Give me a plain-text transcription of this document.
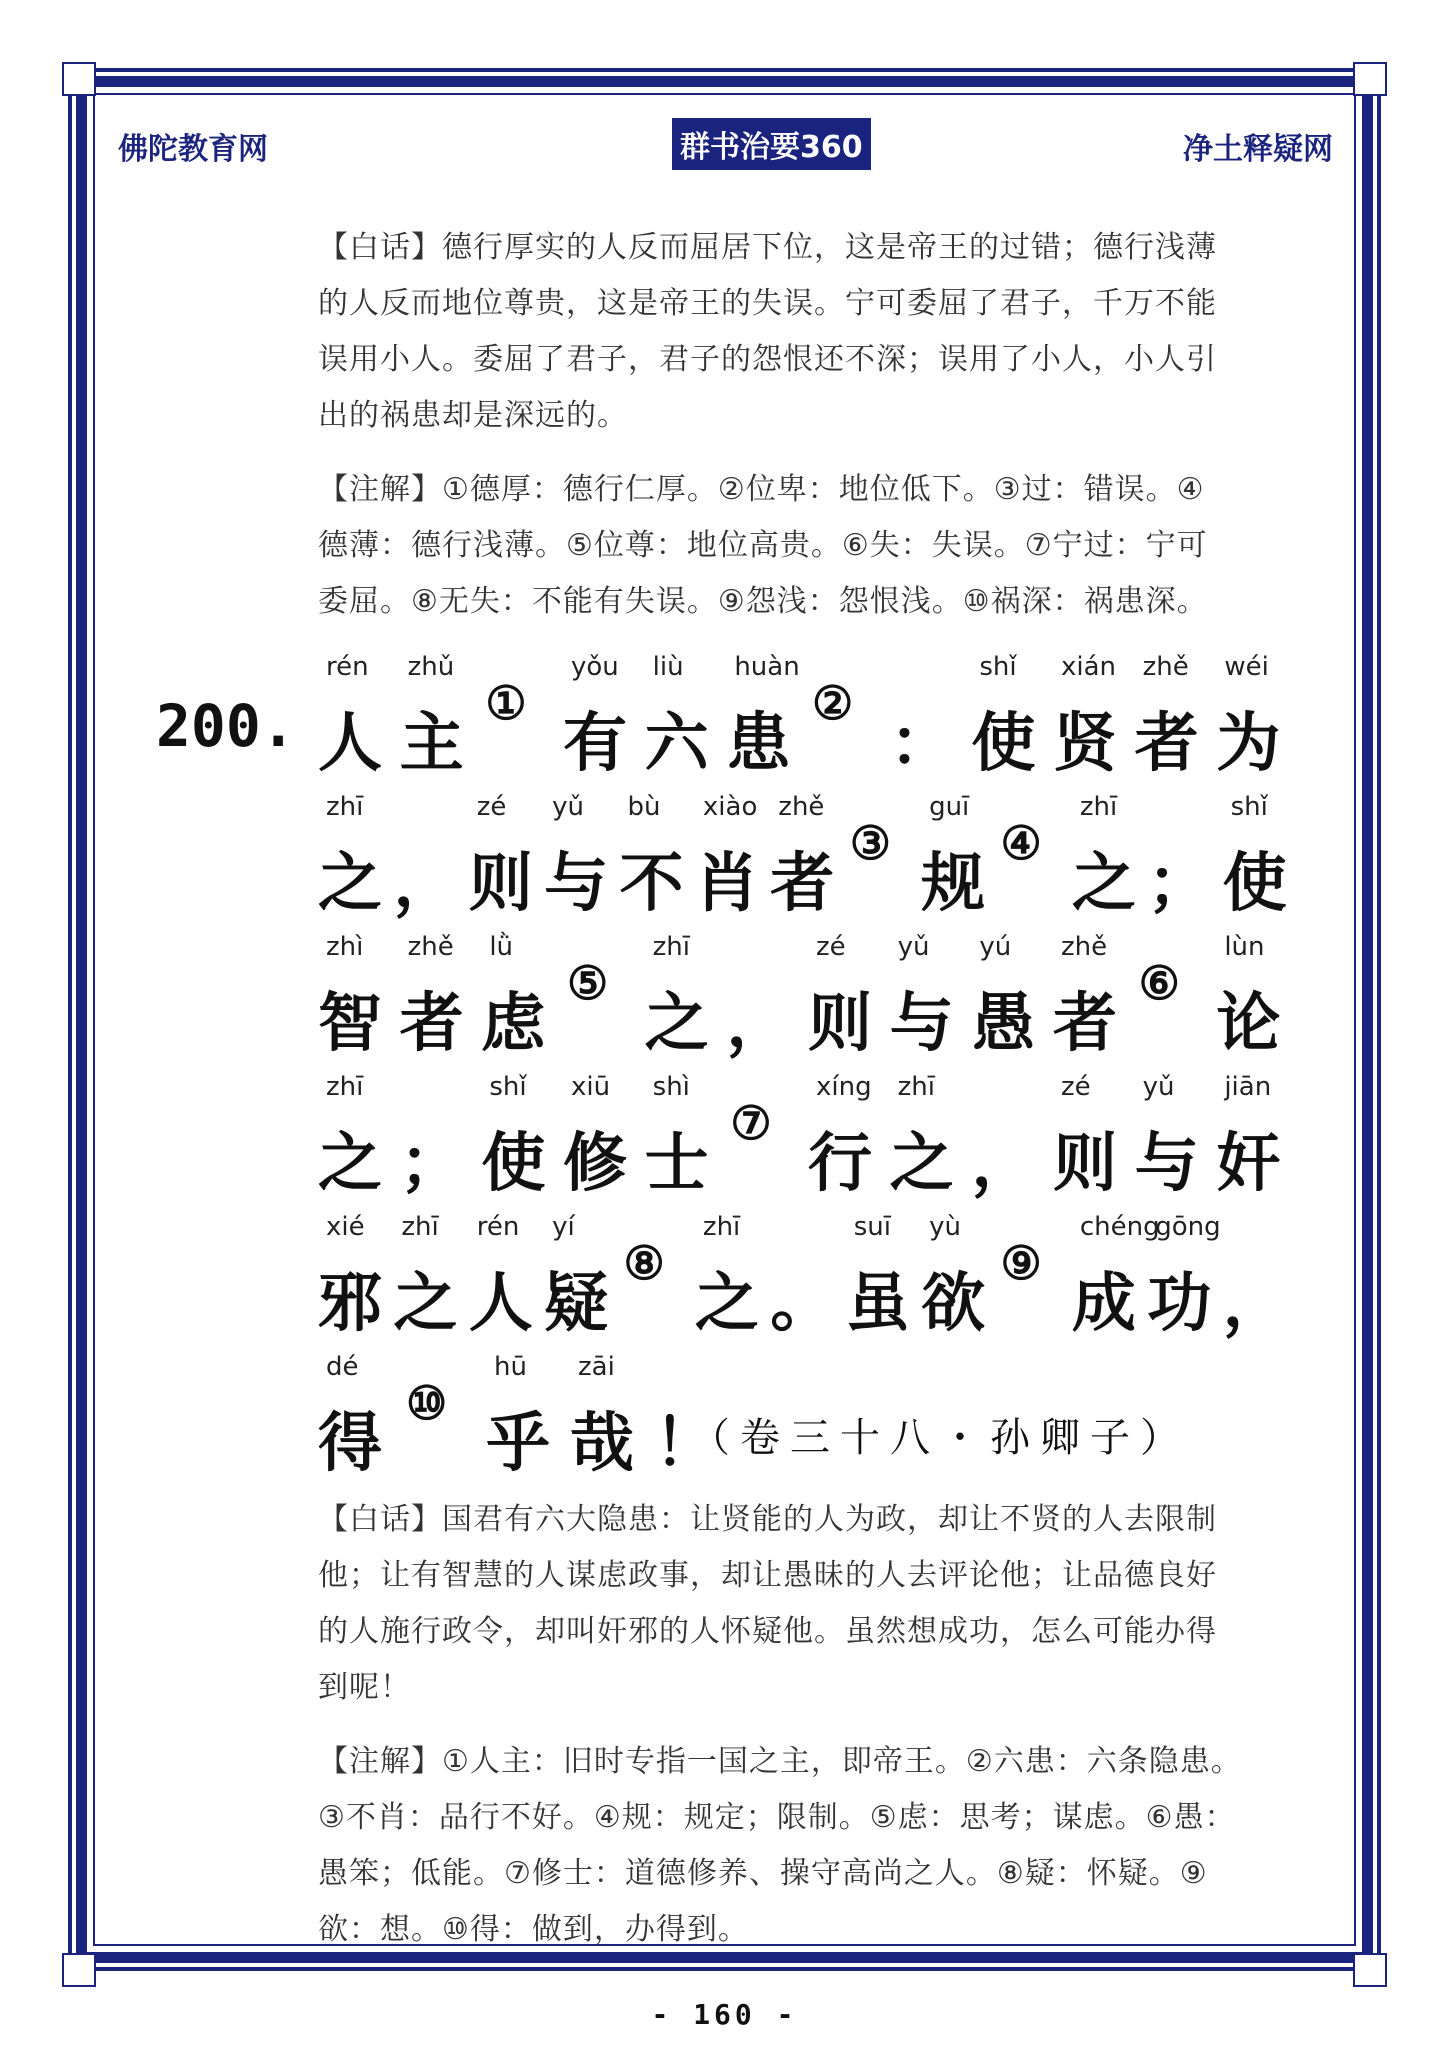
佛陀教育网	群书治要360	净土释疑网

【白话】德行厚实的人反而屈居下位，这是帝王的过错；德行浅薄

的人反而地位尊贵，这是帝王的失误。宁可委屈了君子，千万不能

误用小人。委屈了君子，君子的怨恨还不深；误用了小人，小人引

出的祸患却是深远的。

【注解】①德厚：德行仁厚。②位卑：地位低下。③过：错误。④

德薄：德行浅薄。⑤位尊：地位高贵。⑥失：失误。⑦宁过：宁可

委屈。⑧无失：不能有失误。⑨怨浅：怨恨浅。⑩祸深：祸患深。

200. 人
rén
主
zhǔ
①
有
yǒu
六
liù
患
huàn
②
： 使
shǐ
贤
xián
者
zhě
为
wéi
之
zhī
， 则
zé
与
yǔ
不
bù
肖
xiào
者
zhě
③
规
guī
④
之
zhī
； 使
shǐ
智
zhì
者
zhě
虑
lǜ
⑤
之
zhī
， 则
zé
与
yǔ
愚
yú
者
zhě
⑥
论
lùn
之
zhī
； 使
shǐ
修
xiū
士
shì
⑦
行
xíng
之
zhī
， 则
zé
与
yǔ
奸
jiān
邪
xié
之
zhī
人
rén
疑
yí
⑧
之
zhī
。 虽
suī
欲
yù
⑨
成
chéng
功
gōng
，
得
dé
⑩
乎
hū
哉
zāi
！
（卷三十八・孙卿子）

【白话】国君有六大隐患：让贤能的人为政，却让不贤的人去限制

他；让有智慧的人谋虑政事，却让愚昧的人去评论他；让品德良好

的人施行政令，却叫奸邪的人怀疑他。虽然想成功，怎么可能办得

到呢！

【注解】①人主：旧时专指一国之主，即帝王。②六患：六条隐患。

③不肖：品行不好。④规：规定；限制。⑤虑：思考；谋虑。⑥愚：

愚笨；低能。⑦修士：道德修养、操守高尚之人。⑧疑：怀疑。⑨

欲：想。⑩得：做到，办得到。

- 160 -
